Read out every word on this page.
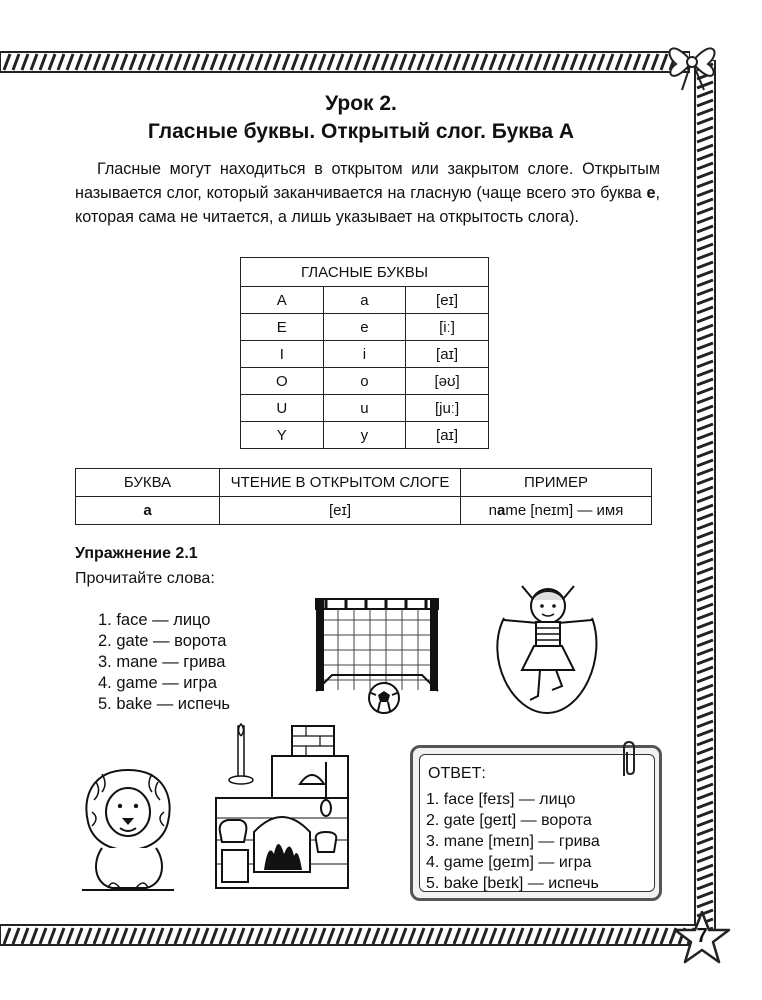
7
Урок 2.
Гласные буквы. Открытый слог. Буква А
Гласные могут находиться в открытом или закрытом слоге. Открытым называется слог, который заканчивается на гласную (чаще всего это буква е, которая сама не читается, а лишь указывает на открытость слога).
ГЛАСНЫЕ БУКВЫ		
A	a	[eɪ]
E	e	[iː]
I	i	[aɪ]
O	o	[əʊ]
U	u	[juː]
Y	y	[aɪ]
БУКВА	ЧТЕНИЕ В ОТКРЫТОМ СЛОГЕ	ПРИМЕР
a	[eɪ]	name [neɪm] — имя
Упражнение 2.1
Прочитайте слова:
1. face — лицо
2. gate — ворота
3. mane — грива
4. game — игра
5. bake — испечь
ОТВЕТ:
1. face [feɪs] — лицо
2. gate [geɪt] — ворота
3. mane [meɪn] — грива
4. game [geɪm] — игра
5. bake [beɪk] — испечь
